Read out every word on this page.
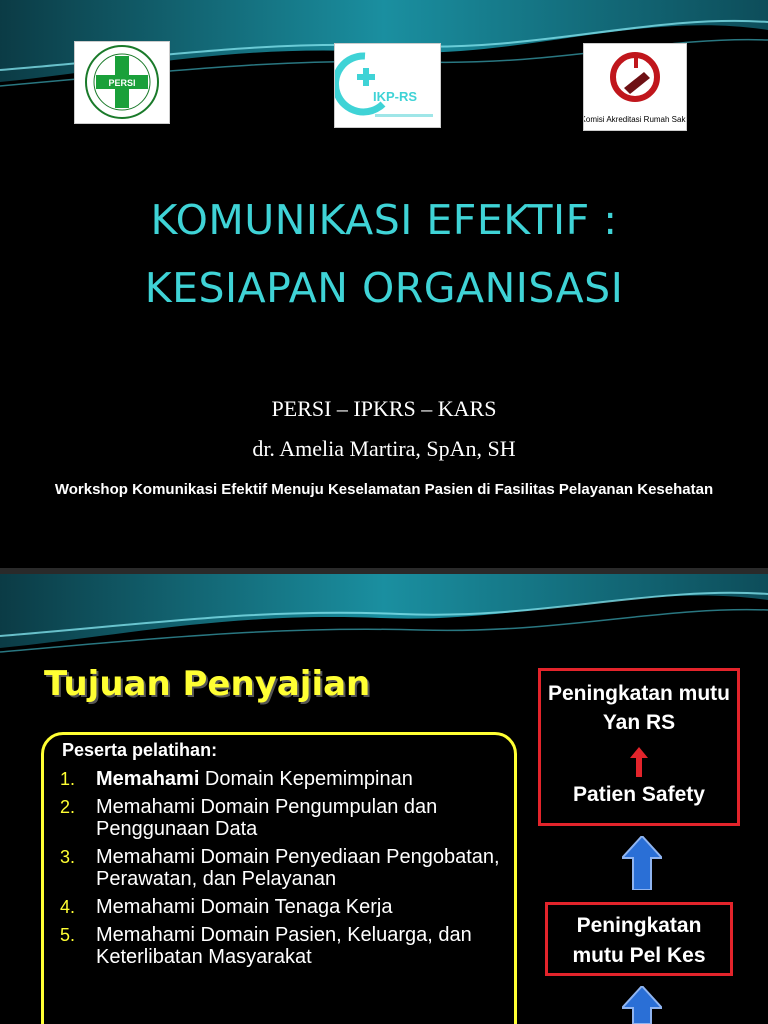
PERSI
IKP-RS
Komisi Akreditasi Rumah Sakit
KOMUNIKASI EFEKTIF :
KESIAPAN ORGANISASI
PERSI – IPKRS – KARS
dr. Amelia Martira, SpAn, SH
Workshop Komunikasi Efektif Menuju Keselamatan Pasien di Fasilitas Pelayanan Kesehatan
Tujuan Penyajian
Peserta pelatihan:
1. Memahami Domain Kepemimpinan
2. Memahami Domain Pengumpulan dan Penggunaan Data
3. Memahami Domain Penyediaan Pengobatan, Perawatan, dan Pelayanan
4. Memahami Domain Tenaga Kerja
5. Memahami Domain Pasien, Keluarga, dan Keterlibatan Masyarakat
Peningkatan mutu Yan RS
Patien Safety
Peningkatan mutu Pel Kes
